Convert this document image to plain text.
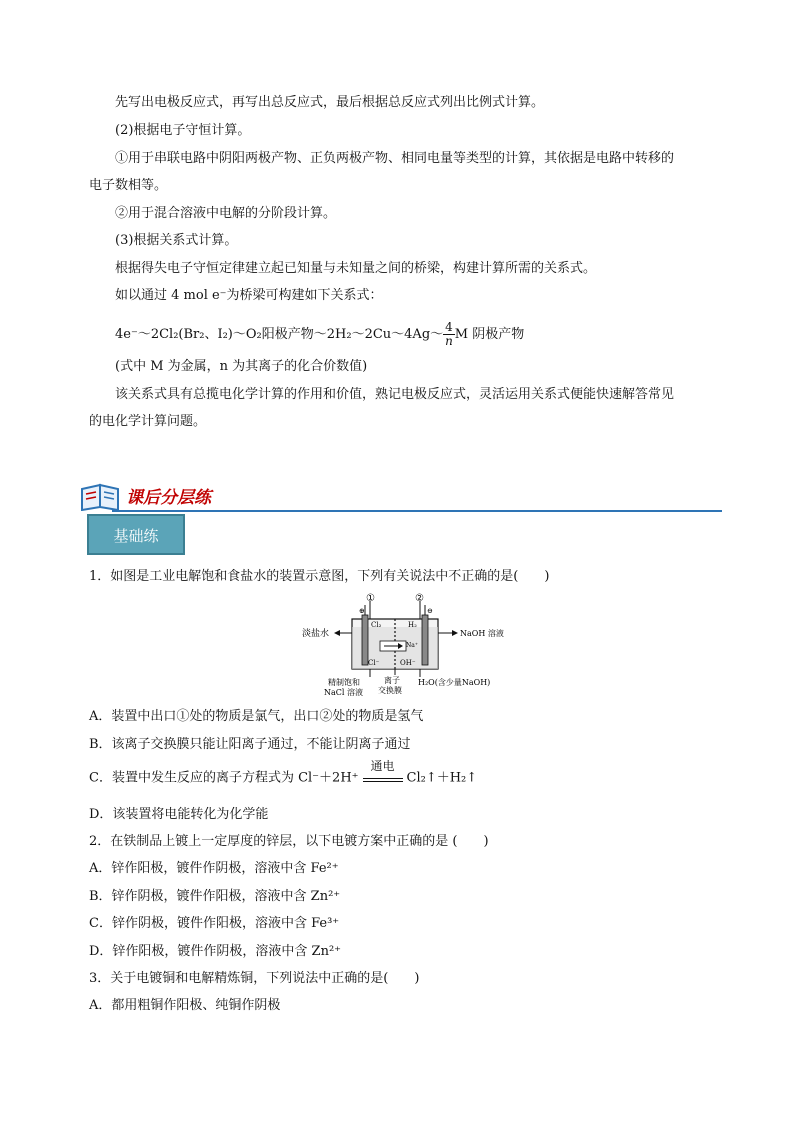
先写出电极反应式，再写出总反应式，最后根据总反应式列出比例式计算。
(2)根据电子守恒计算。
①用于串联电路中阴阳两极产物、正负两极产物、相同电量等类型的计算，其依据是电路中转移的
电子数相等。
②用于混合溶液中电解的分阶段计算。
(3)根据关系式计算。
根据得失电子守恒定律建立起已知量与未知量之间的桥梁，构建计算所需的关系式。
如以通过 4 mol e⁻为桥梁可构建如下关系式：
4e⁻～2Cl₂(Br₂、I₂)～O₂阳极产物～2H₂～2Cu～4Ag～ $\frac{4}{n}$ M 阴极产物
(式中 M 为金属，n 为其离子的化合价数值)
该关系式具有总揽电化学计算的作用和价值，熟记电极反应式，灵活运用关系式便能快速解答常见
的电化学计算问题。
课后分层练
基础练
1．如图是工业电解饱和食盐水的装置示意图，下列有关说法中不正确的是(　　)
①	②
⊕	⊖
Cl₂	H₂
淡盐水	NaOH 溶液
Na⁺
Cl⁻	OH⁻
精制饱和
NaCl 溶液
离子
交换膜
H₂O(含少量NaOH)
A．装置中出口①处的物质是氯气，出口②处的物质是氢气
B．该离子交换膜只能让阳离子通过，不能让阴离子通过
C．装置中发生反应的离子方程式为 Cl⁻＋2H⁺
通电
Cl₂↑＋H₂↑
D．该装置将电能转化为化学能
2．在铁制品上镀上一定厚度的锌层，以下电镀方案中正确的是 (　　)
A．锌作阳极，镀件作阴极，溶液中含 Fe²⁺
B．锌作阴极，镀件作阳极，溶液中含 Zn²⁺
C．锌作阴极，镀件作阳极，溶液中含 Fe³⁺
D．锌作阳极，镀件作阴极，溶液中含 Zn²⁺
3．关于电镀铜和电解精炼铜，下列说法中正确的是(　　)
A．都用粗铜作阳极、纯铜作阴极
